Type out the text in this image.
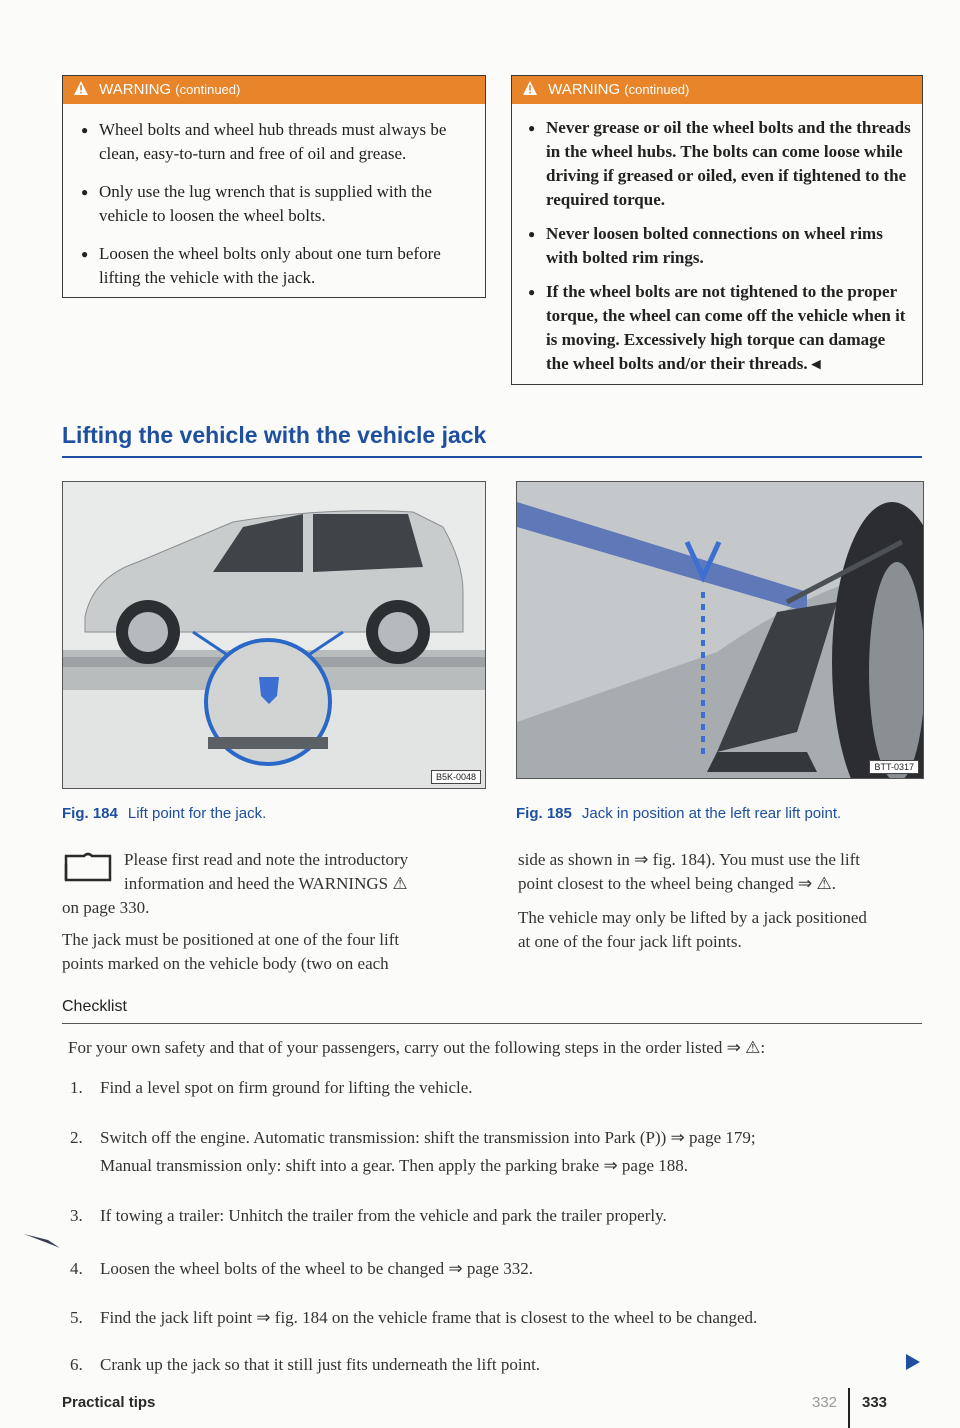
WARNING (continued)
● Wheel bolts and wheel hub threads must always be clean, easy-to-turn and free of oil and grease.
● Only use the lug wrench that is supplied with the vehicle to loosen the wheel bolts.
● Loosen the wheel bolts only about one turn before lifting the vehicle with the jack.
WARNING (continued)
● Never grease or oil the wheel bolts and the threads in the wheel hubs. The bolts can come loose while driving if greased or oiled, even if tightened to the required torque.
● Never loosen bolted connections on wheel rims with bolted rim rings.
● If the wheel bolts are not tightened to the proper torque, the wheel can come off the vehicle when it is moving. Excessively high torque can damage the wheel bolts and/or their threads. ◂
Lifting the vehicle with the vehicle jack
B5K-0048
Fig. 184 Lift point for the jack.
BTT-0317
Fig. 185 Jack in position at the left rear lift point.
Please first read and note the introductory
information and heed the WARNINGS ⚠
on page 330.
The jack must be positioned at one of the four lift
points marked on the vehicle body (two on each
side as shown in ⇒ fig. 184). You must use the lift
point closest to the wheel being changed ⇒ ⚠.
The vehicle may only be lifted by a jack positioned
at one of the four jack lift points.
Checklist
For your own safety and that of your passengers, carry out the following steps in the order listed ⇒ ⚠:
1. Find a level spot on firm ground for lifting the vehicle.
2. Switch off the engine. Automatic transmission: shift the transmission into Park (P)) ⇒ page 179;
Manual transmission only: shift into a gear. Then apply the parking brake ⇒ page 188.
3. If towing a trailer: Unhitch the trailer from the vehicle and park the trailer properly.
4. Loosen the wheel bolts of the wheel to be changed ⇒ page 332.
5. Find the jack lift point ⇒ fig. 184 on the vehicle frame that is closest to the wheel to be changed.
6. Crank up the jack so that it still just fits underneath the lift point.
Practical tips	332 333
